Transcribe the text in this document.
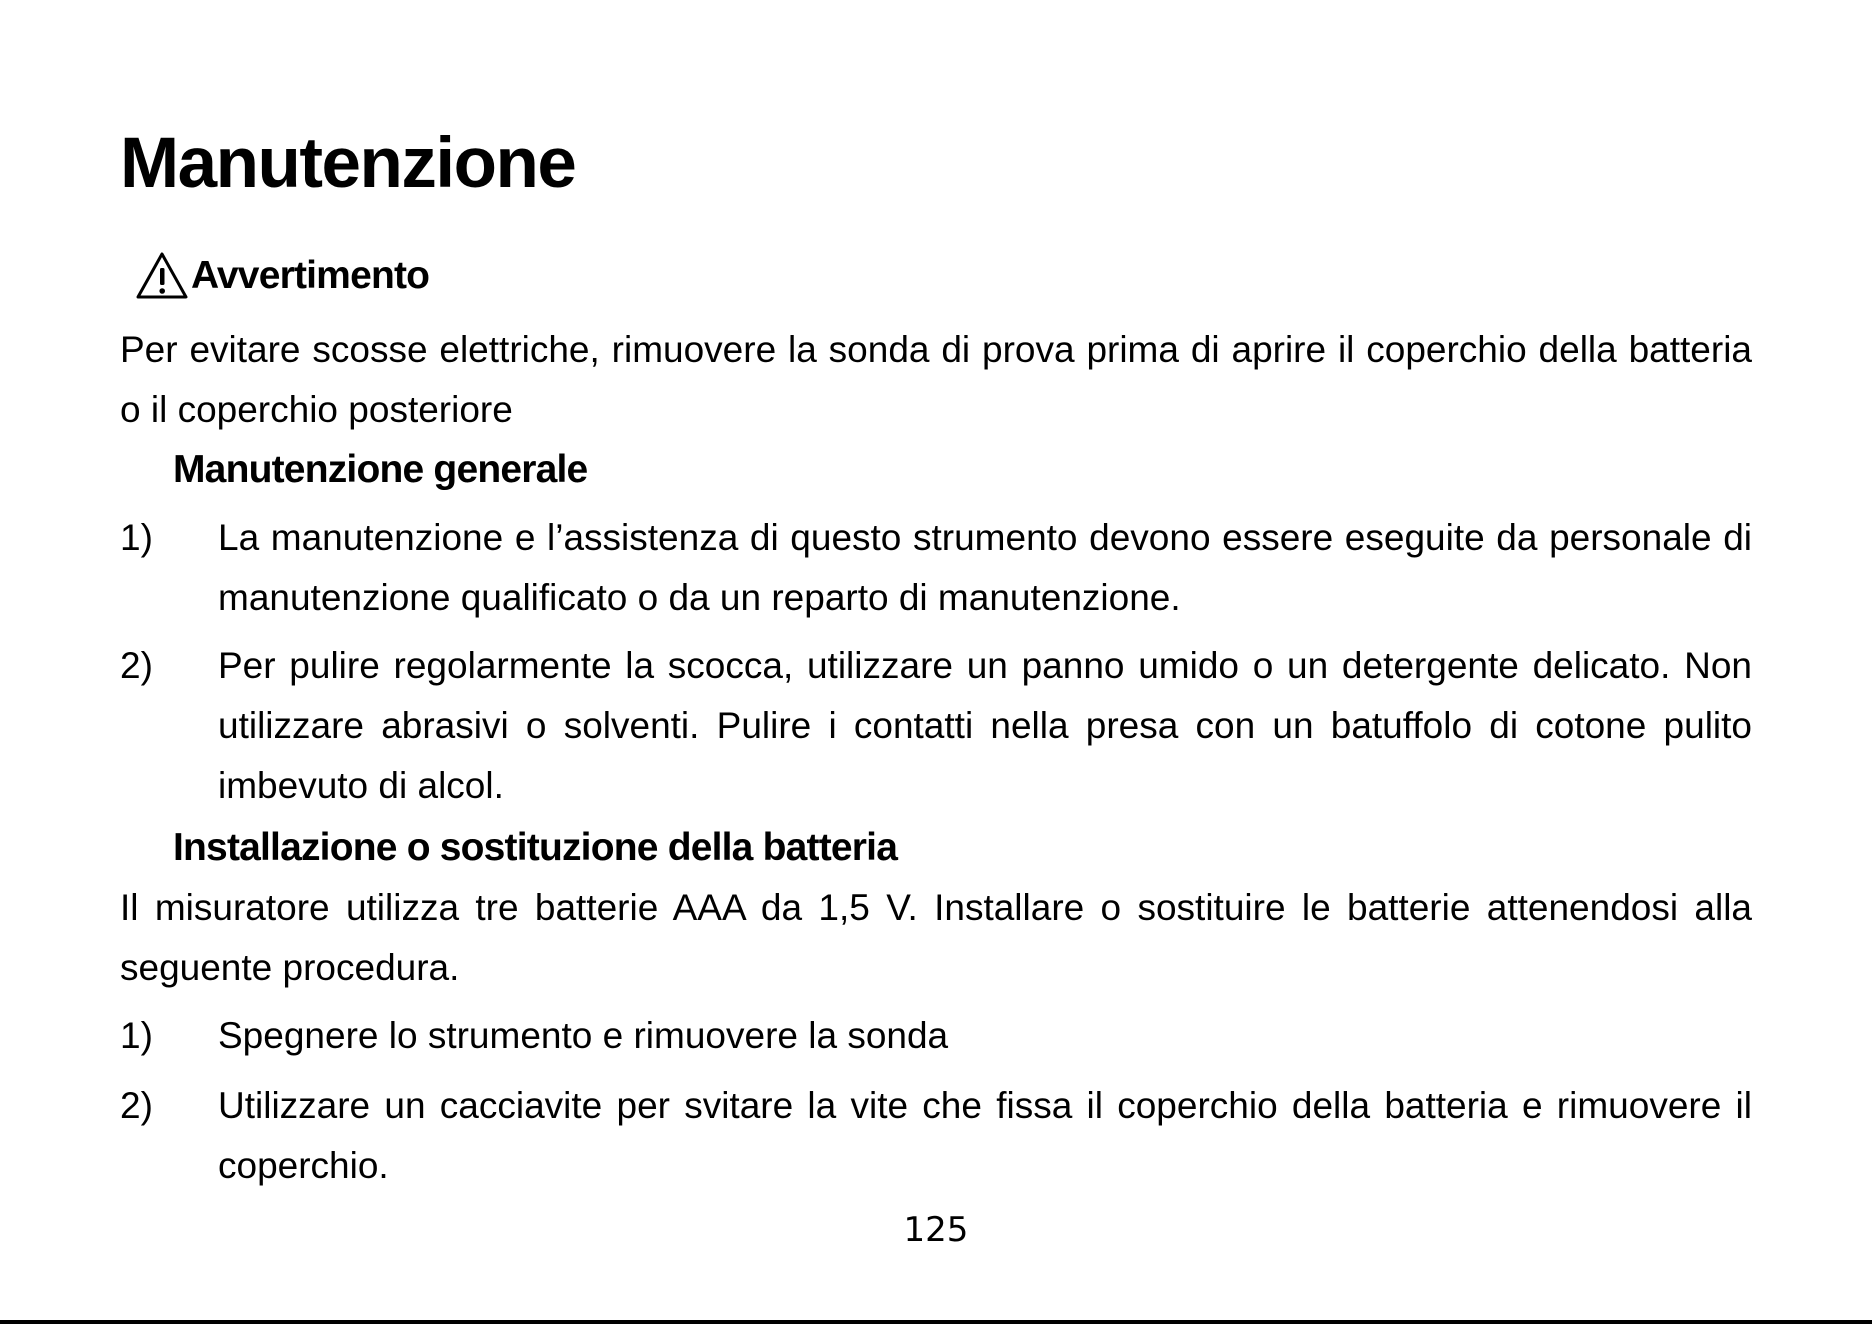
Manutenzione
Avvertimento

Per evitare scosse elettriche, rimuovere la sonda di prova prima di aprire il coperchio della batteria o il coperchio posteriore

Manutenzione generale
1) La manutenzione e l’assistenza di questo strumento devono essere eseguite da personale di manutenzione qualificato o da un reparto di manutenzione.

2) Per pulire regolarmente la scocca, utilizzare un panno umido o un detergente delicato. Non utilizzare abrasivi o solventi. Pulire i contatti nella presa con un batuffolo di cotone pulito imbevuto di alcol.

Installazione o sostituzione della batteria

Il misuratore utilizza tre batterie AAA da 1,5 V. Installare o sostituire le batterie attenendosi alla seguente procedura.

1) Spegnere lo strumento e rimuovere la sonda

2) Utilizzare un cacciavite per svitare la vite che fissa il coperchio della batteria e rimuovere il coperchio.

125
